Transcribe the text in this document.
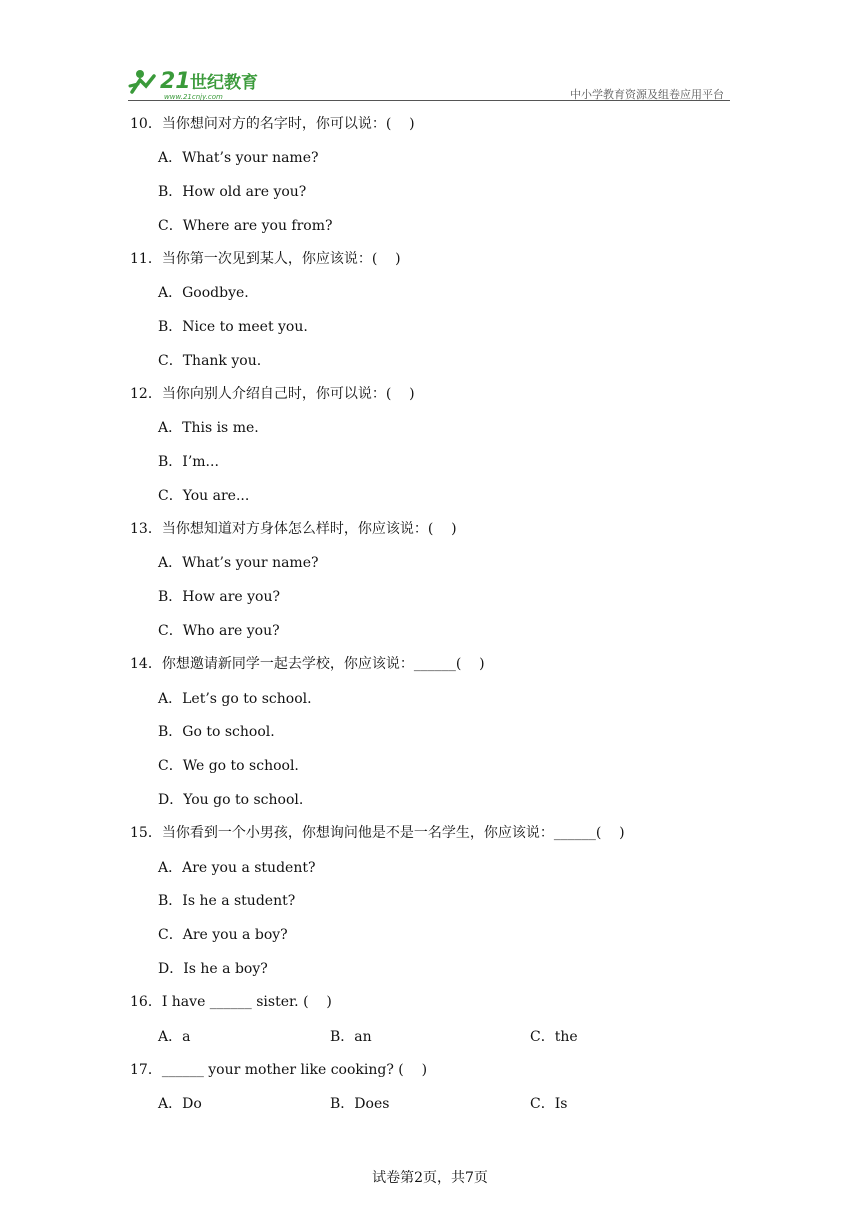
21 世纪教育
www.21cnjy.com	中小学教育资源及组卷应用平台
10．当你想问对方的名字时，你可以说：(    )
A．What’s your name?
B．How old are you?
C．Where are you from?
11．当你第一次见到某人，你应该说：(    )
A．Goodbye.
B．Nice to meet you.
C．Thank you.
12．当你向别人介绍自己时，你可以说：(    )
A．This is me.
B．I’m...
C．You are...
13．当你想知道对方身体怎么样时，你应该说：(    )
A．What’s your name?
B．How are you?
C．Who are you?
14．你想邀请新同学一起去学校，你应该说：______(    )
A．Let’s go to school.
B．Go to school.
C．We go to school.
D．You go to school.
15．当你看到一个小男孩，你想询问他是不是一名学生，你应该说：______(    )
A．Are you a student?
B．Is he a student?
C．Are you a boy?
D．Is he a boy?
16．I have ______ sister. (    )
A．a	B．an	C．the
17．______ your mother like cooking? (    )
A．Do	B．Does	C．Is
试卷第2页，共7页
